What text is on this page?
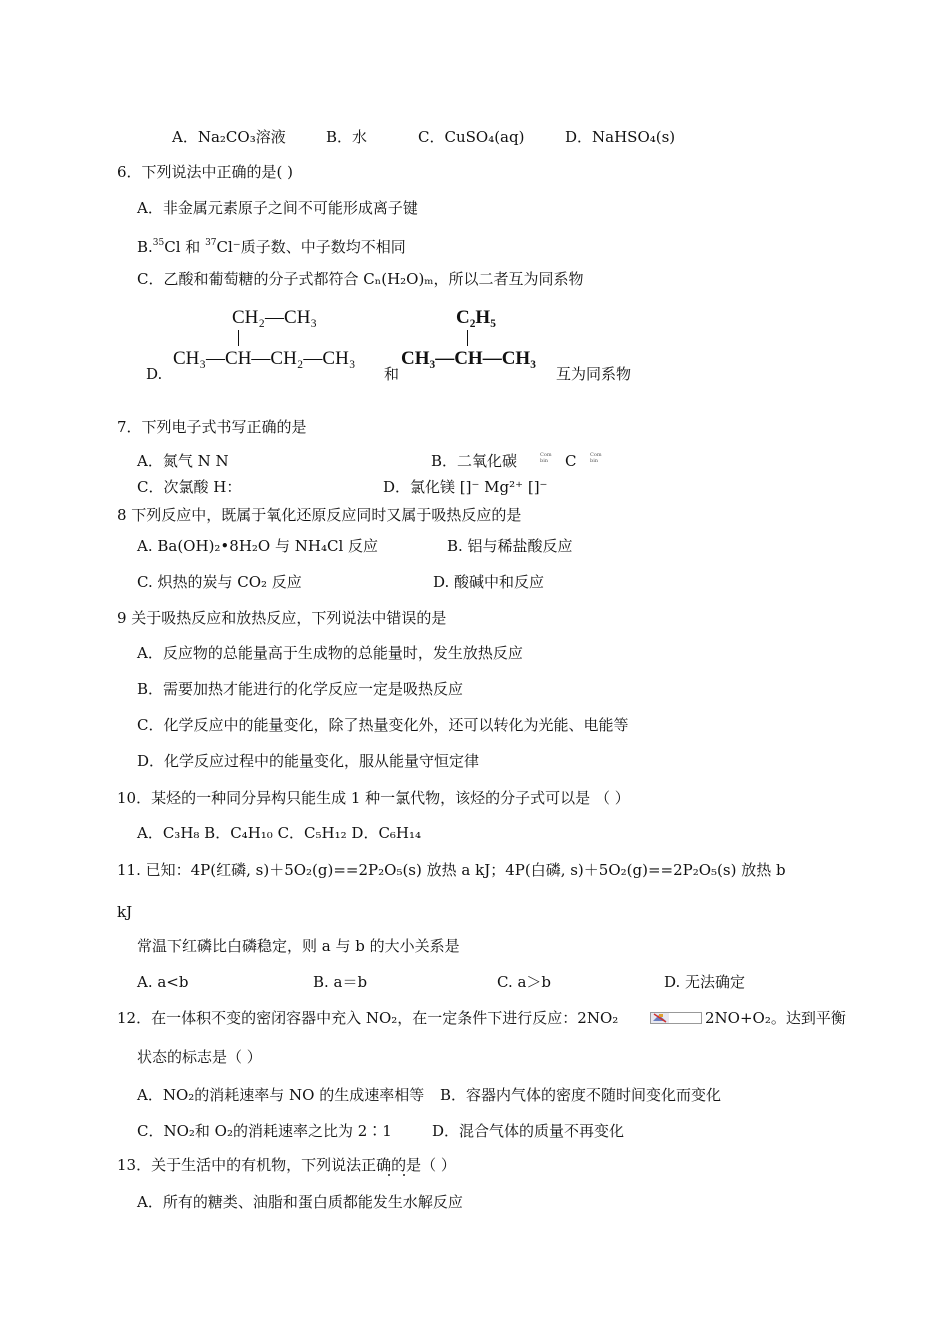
A．Na₂CO₃溶液	B．水	C．CuSO₄(aq)	D．NaHSO₄(s)
6．下列说法中正确的是( )
A．非金属元素原子之间不可能形成离子键
B.$^{35}$Cl 和 $^{37}$Cl⁻质子数、中子数均不相同
C．乙酸和葡萄糖的分子式都符合 Cₙ(H₂O)ₘ，所以二者互为同系物
D.
CH₂—CH₃
CH₃—CH—CH₂—CH₃
和
C₂H₅
CH₃—CH—CH₃
互为同系物
7．下列电子式书写正确的是
A．氮气 N N	B．二氧化碳	Com
bin C	Com
bin
C．次氯酸 H：	D．氯化镁 []⁻ Mg²⁺ []⁻
8 下列反应中，既属于氧化还原反应同时又属于吸热反应的是
A. Ba(OH)₂•8H₂O 与 NH₄Cl 反应	B. 铝与稀盐酸反应
C. 炽热的炭与 CO₂ 反应	D. 酸碱中和反应
9 关于吸热反应和放热反应，下列说法中错误的是
A．反应物的总能量高于生成物的总能量时，发生放热反应
B．需要加热才能进行的化学反应一定是吸热反应
C．化学反应中的能量变化，除了热量变化外，还可以转化为光能、电能等
D．化学反应过程中的能量变化，服从能量守恒定律
10．某烃的一种同分异构只能生成 1 种一氯代物，该烃的分子式可以是 （ ）
A．C₃H₈ B．C₄H₁₀ C．C₅H₁₂ D．C₆H₁₄
11. 已知：4P(红磷, s)＋5O₂(g)==2P₂O₅(s) 放热 a kJ；4P(白磷, s)＋5O₂(g)==2P₂O₅(s) 放热 b
kJ
常温下红磷比白磷稳定，则 a 与 b 的大小关系是
A. a<b	B. a＝b	C. a＞b	D. 无法确定
12．在一体积不变的密闭容器中充入 NO₂，在一定条件下进行反应：2NO₂	2NO+O₂。达到平衡
状态的标志是（ ）
A．NO₂的消耗速率与 NO 的生成速率相等 B．容器内气体的密度不随时间变化而变化
C．NO₂和 O₂的消耗速率之比为 2∶1	D．混合气体的质量不再变化
13．关于生活中的有机物，下列说法正确的是（ ）
A．所有的糖类、油脂和蛋白质都能发生水解反应
